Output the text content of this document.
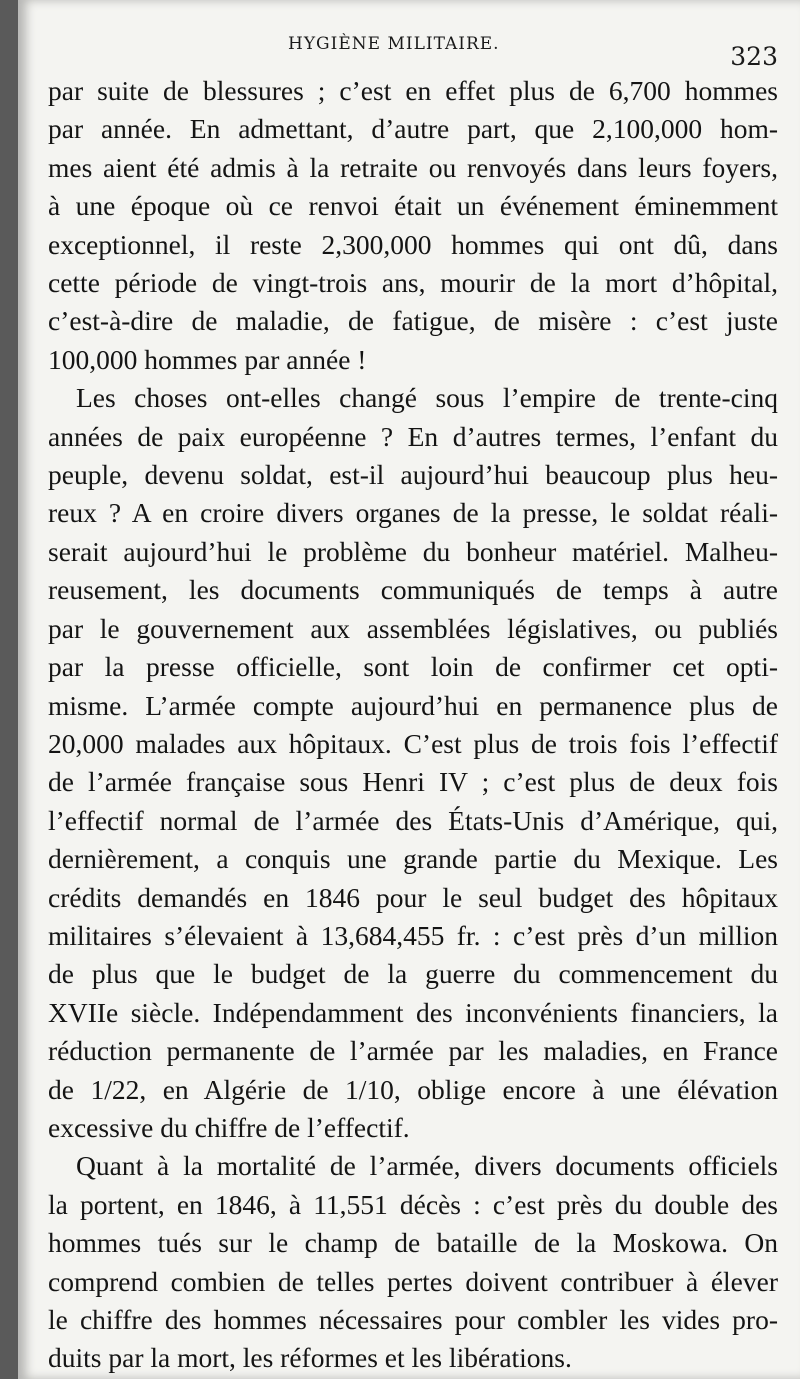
HYGIÈNE MILITAIRE.	323
par suite de blessures ; c’est en effet plus de 6,700 hommes
par année. En admettant, d’autre part, que 2,100,000 hom-
mes aient été admis à la retraite ou renvoyés dans leurs foyers,
à une époque où ce renvoi était un événement éminemment
exceptionnel, il reste 2,300,000 hommes qui ont dû, dans
cette période de vingt-trois ans, mourir de la mort d’hôpital,
c’est-à-dire de maladie, de fatigue, de misère : c’est juste
100,000 hommes par année !
Les choses ont-elles changé sous l’empire de trente-cinq
années de paix européenne ? En d’autres termes, l’enfant du
peuple, devenu soldat, est-il aujourd’hui beaucoup plus heu-
reux ? A en croire divers organes de la presse, le soldat réali-
serait aujourd’hui le problème du bonheur matériel. Malheu-
reusement, les documents communiqués de temps à autre
par le gouvernement aux assemblées législatives, ou publiés
par la presse officielle, sont loin de confirmer cet opti-
misme. L’armée compte aujourd’hui en permanence plus de
20,000 malades aux hôpitaux. C’est plus de trois fois l’effectif
de l’armée française sous Henri IV ; c’est plus de deux fois
l’effectif normal de l’armée des États-Unis d’Amérique, qui,
dernièrement, a conquis une grande partie du Mexique. Les
crédits demandés en 1846 pour le seul budget des hôpitaux
militaires s’élevaient à 13,684,455 fr. : c’est près d’un million
de plus que le budget de la guerre du commencement du
XVIIe siècle. Indépendamment des inconvénients financiers, la
réduction permanente de l’armée par les maladies, en France
de 1/22, en Algérie de 1/10, oblige encore à une élévation
excessive du chiffre de l’effectif.
Quant à la mortalité de l’armée, divers documents officiels
la portent, en 1846, à 11,551 décès : c’est près du double des
hommes tués sur le champ de bataille de la Moskowa. On
comprend combien de telles pertes doivent contribuer à élever
le chiffre des hommes nécessaires pour combler les vides pro-
duits par la mort, les réformes et les libérations.
